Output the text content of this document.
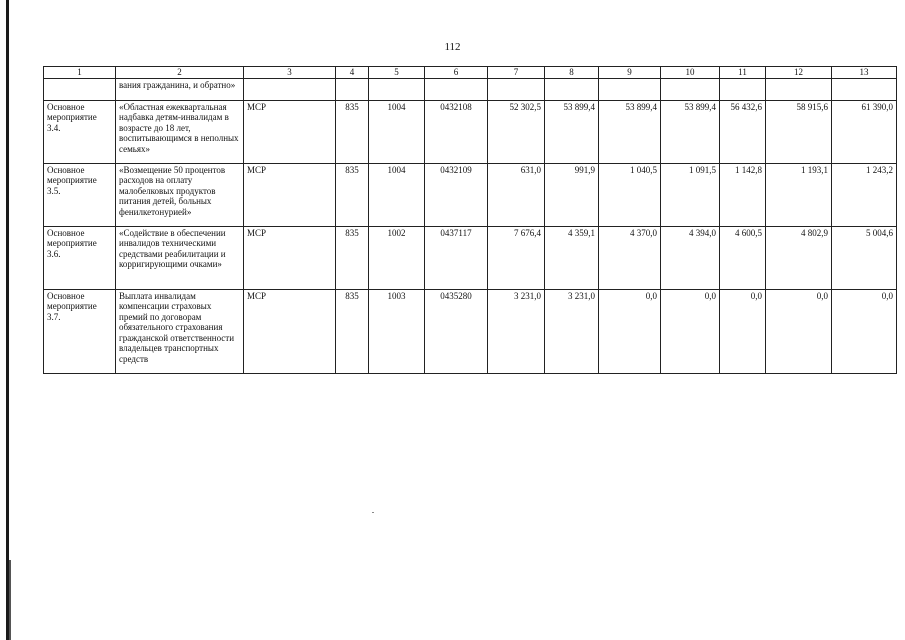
112
1	2	3	4	5	6	7	8	9	10	11	12	13
	вания гражданина, и обратно»											
Основное мероприятие 3.4.	«Областная ежеквартальная надбавка детям-инвалидам в возрасте до 18 лет, воспитывающимся в неполных семьях»	МСР	835	1004	0432108	52 302,5	53 899,4	53 899,4	53 899,4	56 432,6	58 915,6	61 390,0
Основное мероприятие 3.5.	«Возмещение 50 процентов расходов на оплату малобелковых продуктов питания детей, больных фенилкетонурией»	МСР	835	1004	0432109	631,0	991,9	1 040,5	1 091,5	1 142,8	1 193,1	1 243,2
Основное мероприятие 3.6.	«Содействие в обеспечении инвалидов техническими средствами реабилитации и корригирующими очками»	МСР	835	1002	0437117	7 676,4	4 359,1	4 370,0	4 394,0	4 600,5	4 802,9	5 004,6
Основное мероприятие 3.7.	Выплата инвалидам компенсации страховых премий по договорам обязательного страхования гражданской ответственности владельцев транспортных средств	МСР	835	1003	0435280	3 231,0	3 231,0	0,0	0,0	0,0	0,0	0,0
